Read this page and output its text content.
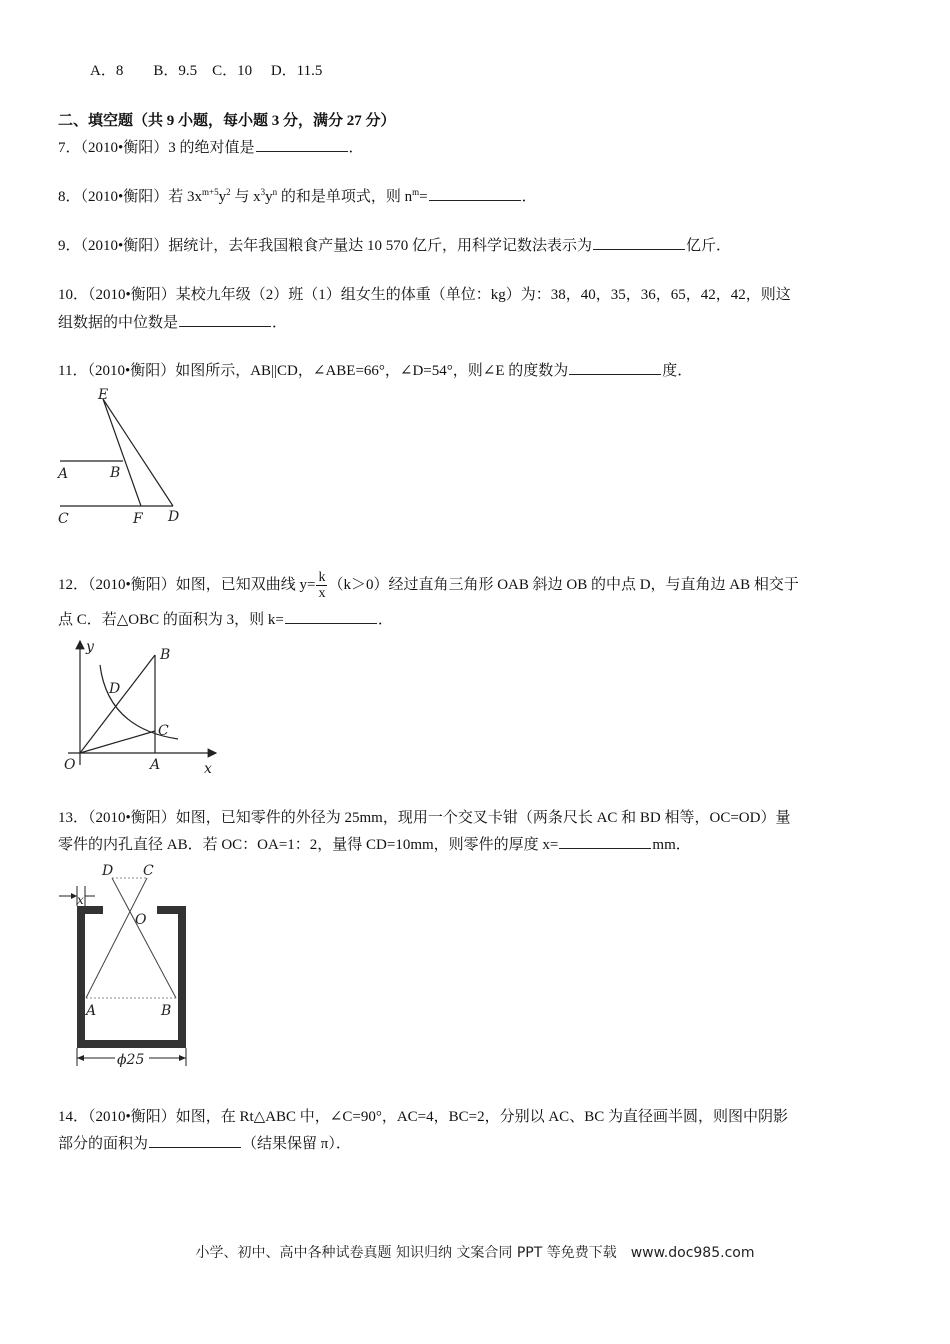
A．8　　B．9.5　C．10　 D．11.5
二、填空题（共 9 小题，每小题 3 分，满分 27 分）
7．（2010•衡阳）3 的绝对值是	．
8．（2010•衡阳）若 $3x^{m+5}y^2$ 与 $x^3y^n$ 的和是单项式，则 $n^m=$	．
9．（2010•衡阳）据统计，去年我国粮食产量达 10 570 亿斤，用科学记数法表示为	亿斤．
10．（2010•衡阳）某校九年级（2）班（1）组女生的体重（单位：kg）为：38，40，35，36，65，42，42，则这
组数据的中位数是	．
11．（2010•衡阳）如图所示，AB||CD，∠ABE=66°，∠D=54°，则∠E 的度数为	度．
E
A	B
C	F D
12．（2010•衡阳）如图，已知双曲线 $y= \frac{k}{x} (k>0)$经过直角三角形 OAB 斜边 OB 的中点 D，与直角边 AB 相交于
点 C．若△OBC 的面积为 3，则 k=	．
y
x
O	A
B
C
D
13．（2010•衡阳）如图，已知零件的外径为 25mm，现用一个交叉卡钳（两条尺长 AC 和 BD 相等，OC=OD）量
零件的内孔直径 AB．若 OC：OA=1：2，量得 CD=10mm，则零件的厚度 x=	mm．
ϕ25
D C
x
O
A	B
14．（2010•衡阳）如图，在 Rt△ABC 中，∠C=90°，AC=4，BC=2，分别以 AC、BC 为直径画半圆，则图中阴影
部分的面积为	（结果保留 π）．
小学、初中、高中各种试卷真题 知识归纳 文案合同 PPT 等免费下载　www.doc985.com
